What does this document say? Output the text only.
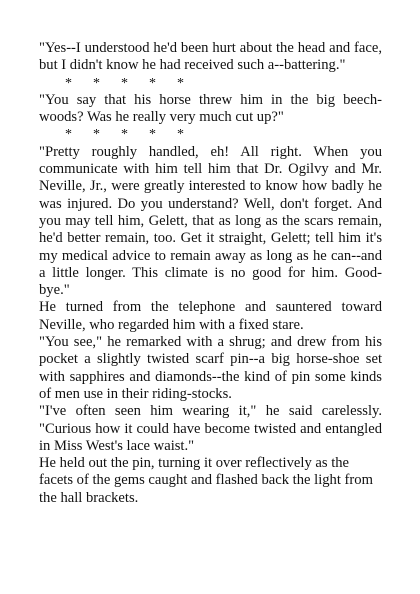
"Yes--I understood he'd been hurt about the head and face, but I didn't know he had received such a--battering."

*      *      *      *      *

"You say that his horse threw him in the big beech-woods? Was he really very much cut up?"

*      *      *      *      *

"Pretty roughly handled, eh! All right. When you communicate with him tell him that Dr. Ogilvy and Mr. Neville, Jr., were greatly interested to know how badly he was injured. Do you understand? Well, don't forget. And you may tell him, Gelett, that as long as the scars remain, he'd better remain, too. Get it straight, Gelett; tell him it's my medical advice to remain away as long as he can--and a little longer. This climate is no good for him. Good-bye."

He turned from the telephone and sauntered toward Neville, who regarded him with a fixed stare.

"You see," he remarked with a shrug; and drew from his pocket a slightly twisted scarf pin--a big horse-shoe set with sapphires and diamonds--the kind of pin some kinds of men use in their riding-stocks.

"I've often seen him wearing it," he said carelessly. "Curious how it could have become twisted and entangled in Miss West's lace waist."

He held out the pin, turning it over reflectively as the facets of the gems caught and flashed back the light from the hall brackets.
